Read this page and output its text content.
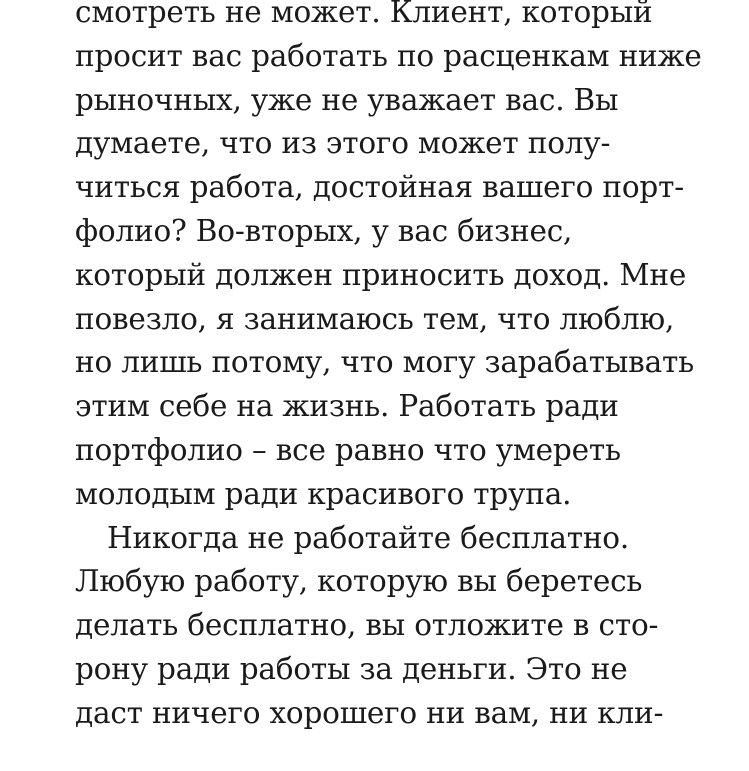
смотреть не может. Клиент, который
просит вас работать по расценкам ниже
рыночных, уже не уважает вас. Вы
думаете, что из этого может полу-
читься работа, достойная вашего порт-
фолио? Во-вторых, у вас бизнес,
который должен приносить доход. Мне
повезло, я занимаюсь тем, что люблю,
но лишь потому, что могу зарабатывать
этим себе на жизнь. Работать ради
портфолио – все равно что умереть
молодым ради красивого трупа.
Никогда не работайте бесплатно.
Любую работу, которую вы беретесь
делать бесплатно, вы отложите в сто-
рону ради работы за деньги. Это не
даст ничего хорошего ни вам, ни кли-
